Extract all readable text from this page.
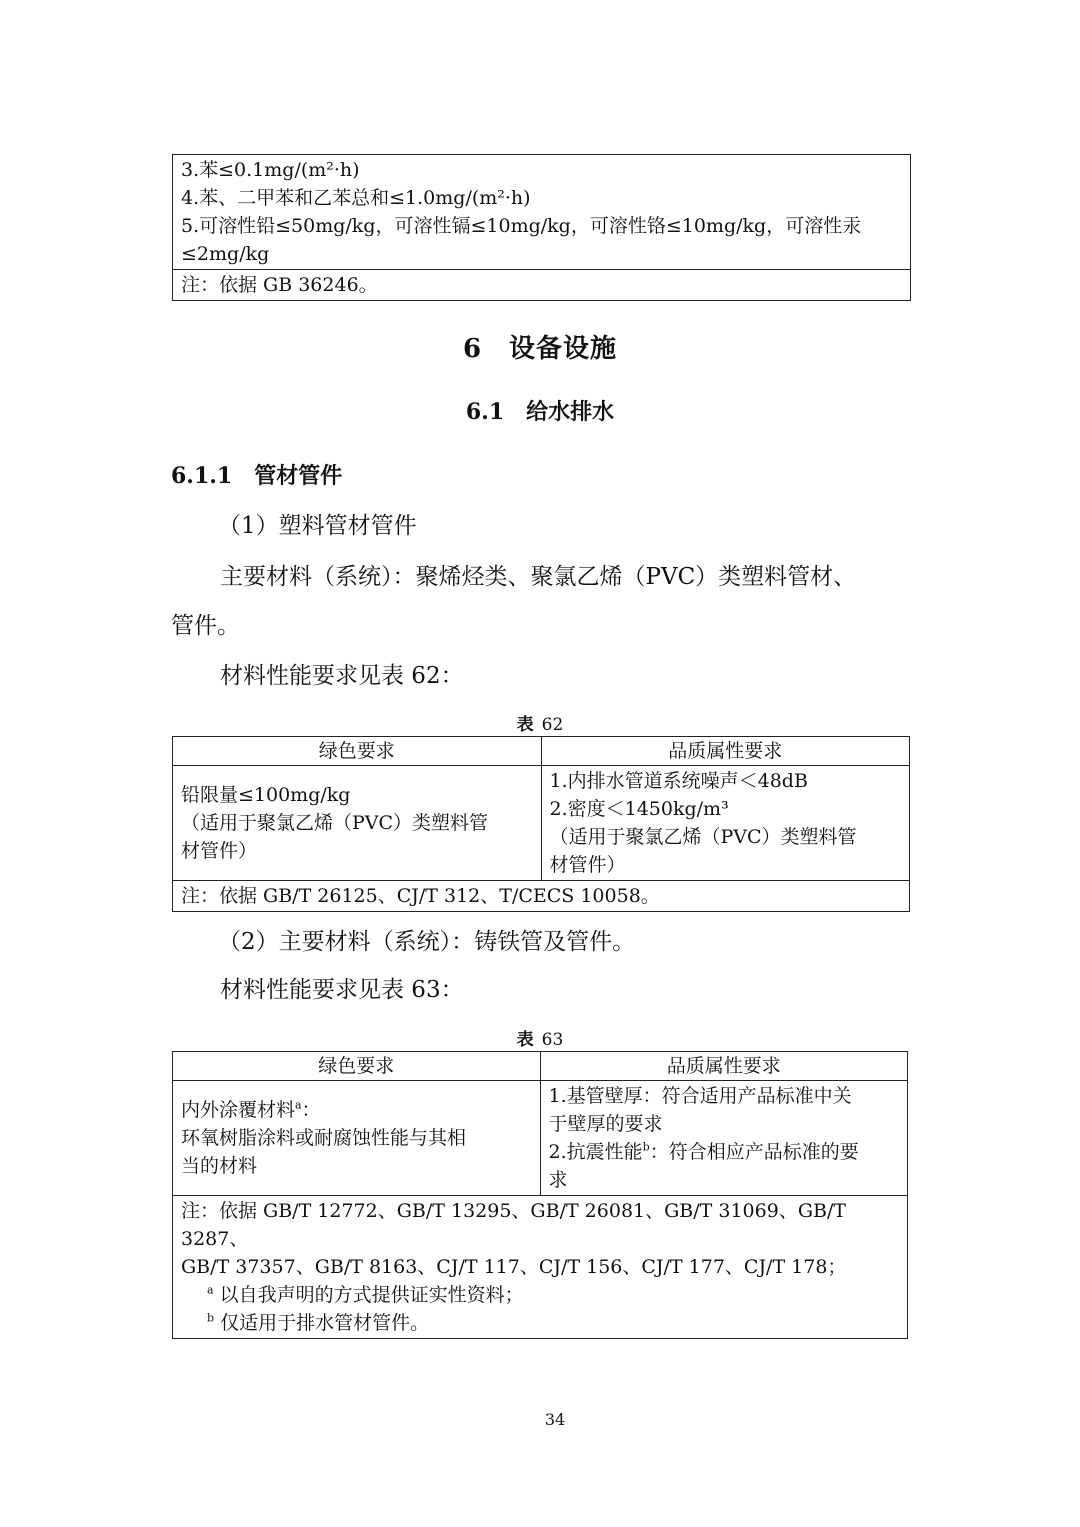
3.苯≤0.1mg/(m²·h)
4.苯、二甲苯和乙苯总和≤1.0mg/(m²·h)
5.可溶性铅≤50mg/kg，可溶性镉≤10mg/kg，可溶性铬≤10mg/kg，可溶性汞
≤2mg/kg

注：依据 GB 36246。
6　设备设施
6.1　给水排水
6.1.1　管材管件

（1）塑料管材管件

主要材料（系统）：聚烯烃类、聚氯乙烯（PVC）类塑料管材、

管件。

材料性能要求见表 62：

表 62
绿色要求	品质属性要求

铅限量≤100mg/kg
（适用于聚氯乙烯（PVC）类塑料管
材管件）	1.内排水管道系统噪声＜48dB
2.密度＜1450kg/m³
（适用于聚氯乙烯（PVC）类塑料管
材管件）

注：依据 GB/T 26125、CJ/T 312、T/CECS 10058。	

（2）主要材料（系统）：铸铁管及管件。

材料性能要求见表 63：

表 63
绿色要求	品质属性要求

内外涂覆材料$^a$：
环氧树脂涂料或耐腐蚀性能与其相
当的材料	1.基管壁厚：符合适用产品标准中关
于壁厚的要求
2.抗震性能$^b$：符合相应产品标准的要
求

注：依据 GB/T 12772、GB/T 13295、GB/T 26081、GB/T 31069、GB/T 3287、
GB/T 37357、GB/T 8163、CJ/T 117、CJ/T 156、CJ/T 177、CJ/T 178；
$^a$ 以自我声明的方式提供证实性资料；
$^b$ 仅适用于排水管材管件。	
34
